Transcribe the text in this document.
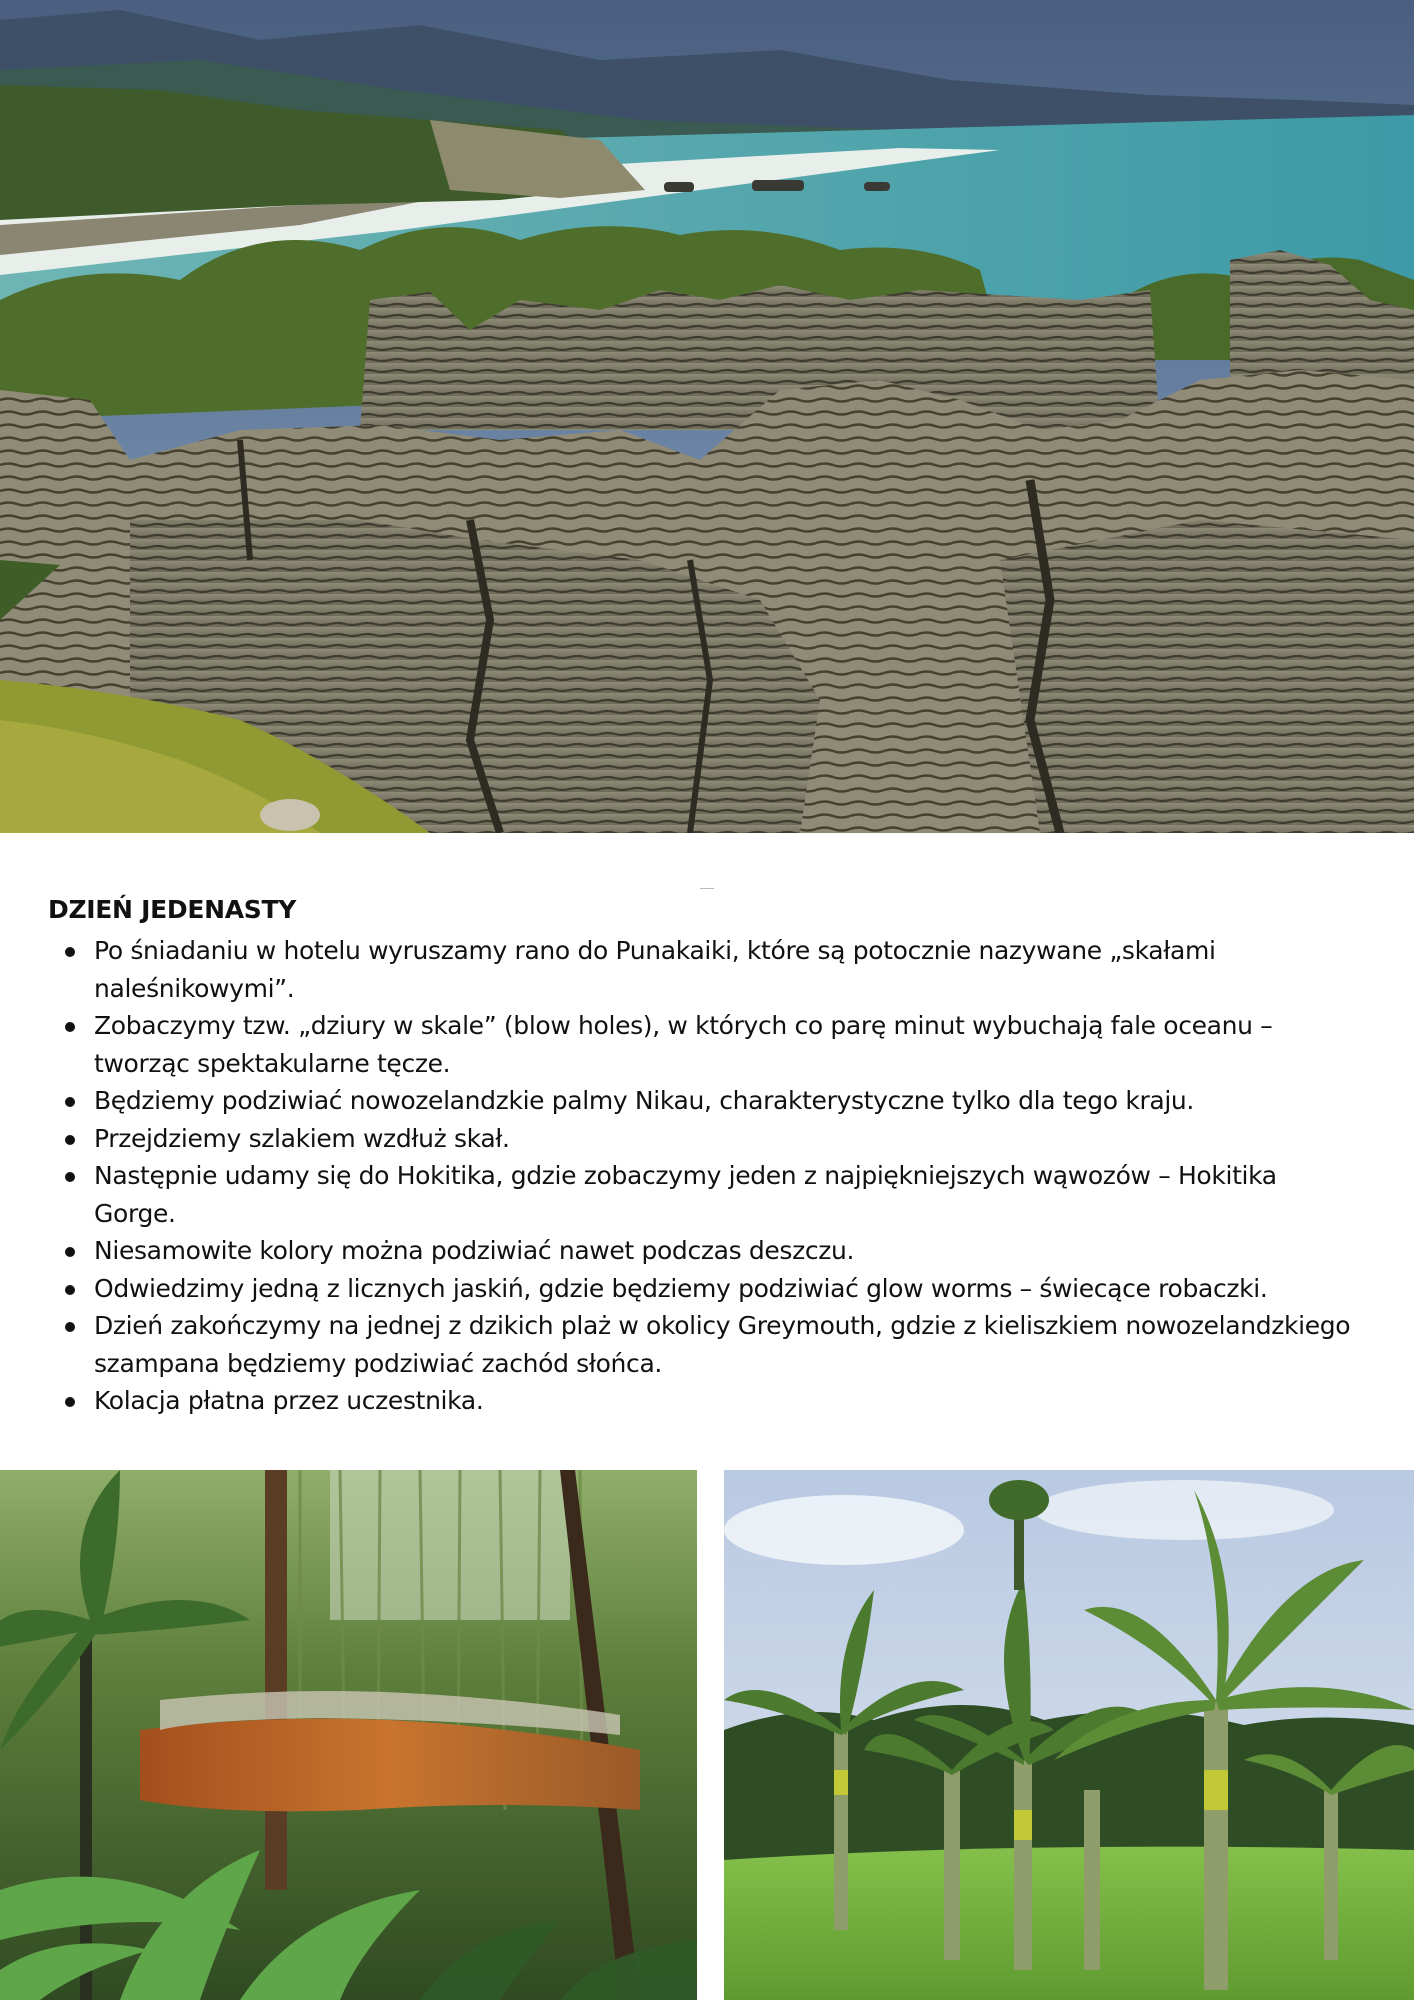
DZIEŃ JEDENASTY
Po śniadaniu w hotelu wyruszamy rano do Punakaiki, które są potocznie nazywane „skałami naleśnikowymi”.
Zobaczymy tzw. „dziury w skale” (blow holes), w których co parę minut wybuchają fale oceanu – tworząc spektakularne tęcze.
Będziemy podziwiać nowozelandzkie palmy Nikau, charakterystyczne tylko dla tego kraju.
Przejdziemy szlakiem wzdłuż skał.
Następnie udamy się do Hokitika, gdzie zobaczymy jeden z najpiękniejszych wąwozów – Hokitika Gorge.
Niesamowite kolory można podziwiać nawet podczas deszczu.
Odwiedzimy jedną z licznych jaskiń, gdzie będziemy podziwiać glow worms – świecące robaczki.
Dzień zakończymy na jednej z dzikich plaż w okolicy Greymouth, gdzie z kieliszkiem nowozelandzkiego szampana będziemy podziwiać zachód słońca.
Kolacja płatna przez uczestnika.
